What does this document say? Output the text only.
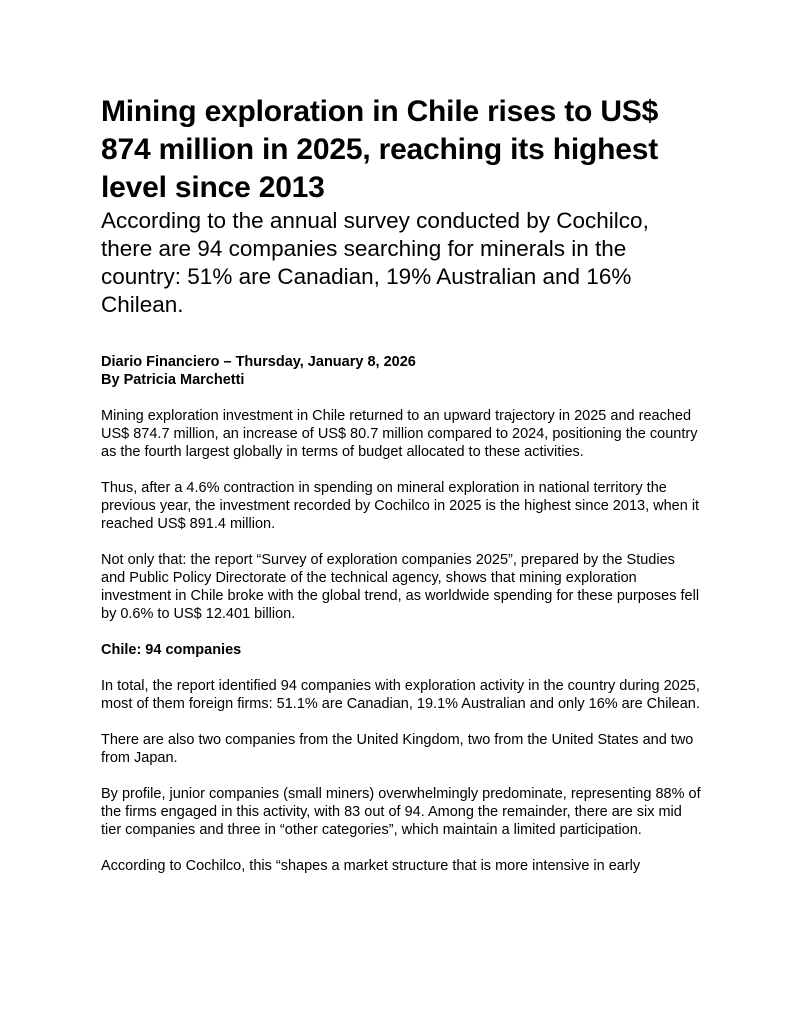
Mining exploration in Chile rises to US$ 874 million in 2025, reaching its highest level since 2013

According to the annual survey conducted by Cochilco, there are 94 companies searching for minerals in the country: 51% are Canadian, 19% Australian and 16% Chilean.

Diario Financiero – Thursday, January 8, 2026
By Patricia Marchetti

Mining exploration investment in Chile returned to an upward trajectory in 2025 and reached US$ 874.7 million, an increase of US$ 80.7 million compared to 2024, positioning the country as the fourth largest globally in terms of budget allocated to these activities.

Thus, after a 4.6% contraction in spending on mineral exploration in national territory the previous year, the investment recorded by Cochilco in 2025 is the highest since 2013, when it reached US$ 891.4 million.

Not only that: the report “Survey of exploration companies 2025”, prepared by the Studies and Public Policy Directorate of the technical agency, shows that mining exploration investment in Chile broke with the global trend, as worldwide spending for these purposes fell by 0.6% to US$ 12.401 billion.

Chile: 94 companies

In total, the report identified 94 companies with exploration activity in the country during 2025, most of them foreign firms: 51.1% are Canadian, 19.1% Australian and only 16% are Chilean.

There are also two companies from the United Kingdom, two from the United States and two from Japan.

By profile, junior companies (small miners) overwhelmingly predominate, representing 88% of the firms engaged in this activity, with 83 out of 94. Among the remainder, there are six mid tier companies and three in “other categories”, which maintain a limited participation.

According to Cochilco, this “shapes a market structure that is more intensive in early
